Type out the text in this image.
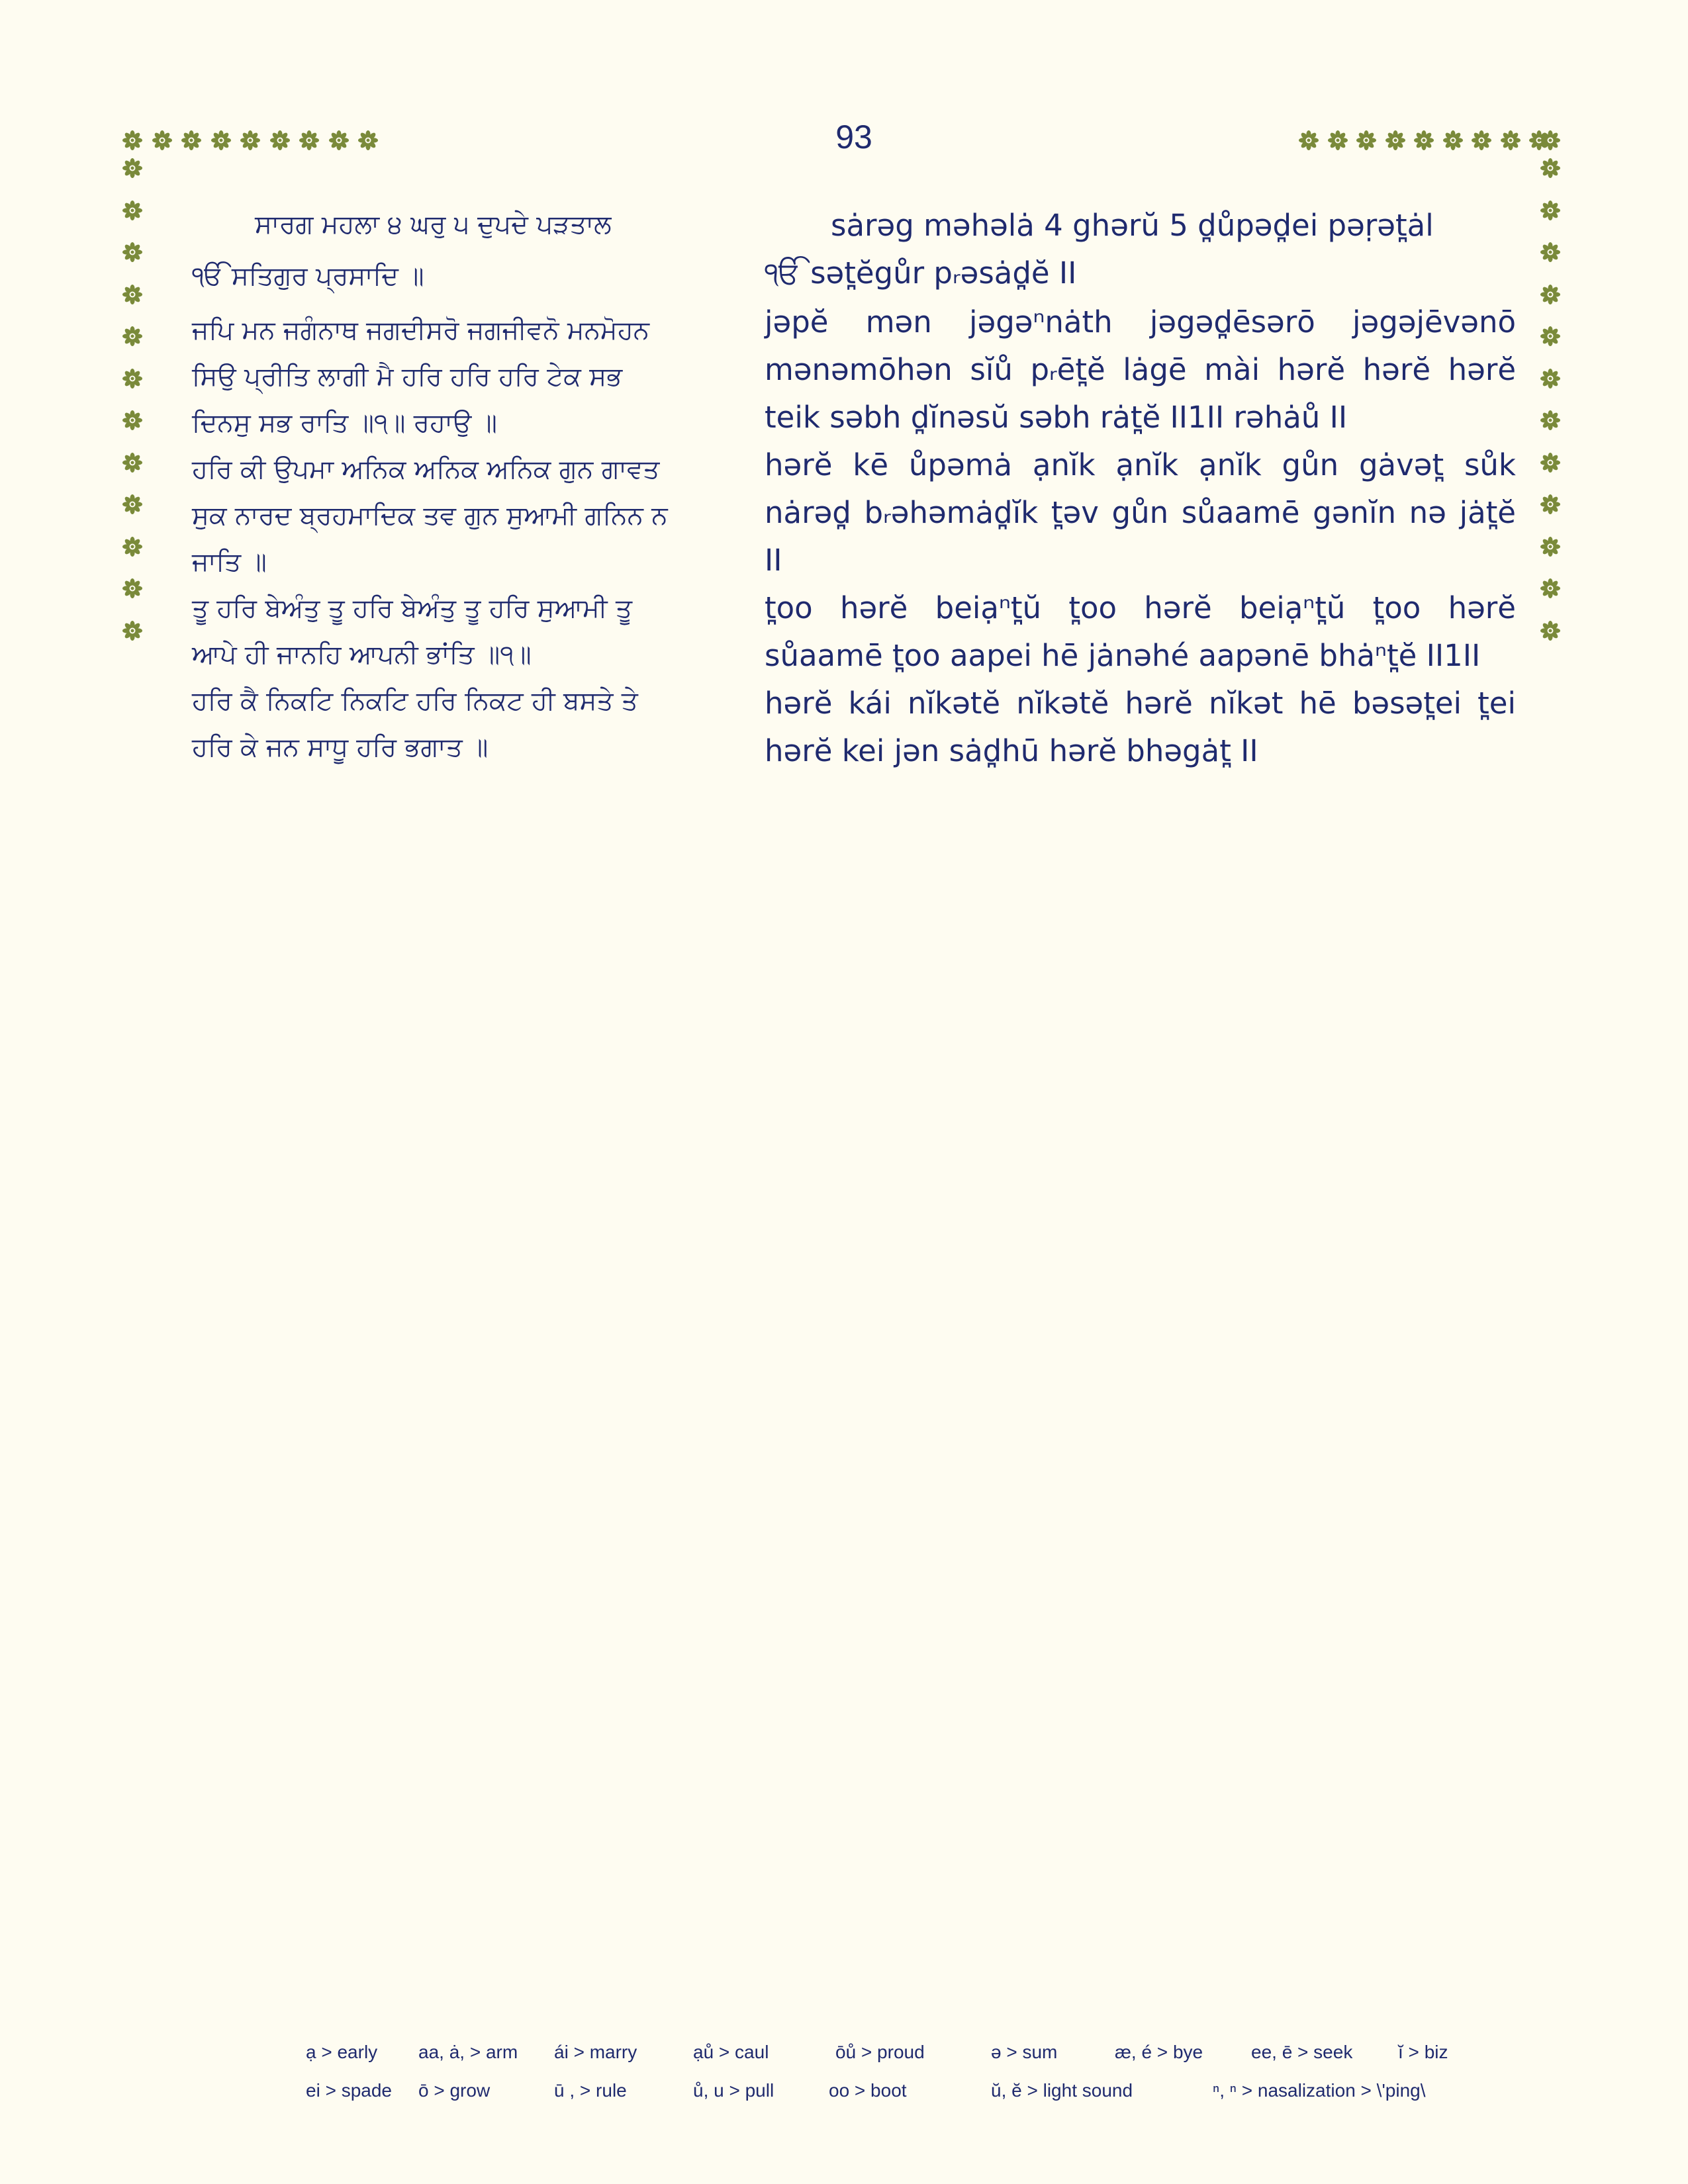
93
ਸਾਰਗ ਮਹਲਾ ੪ ਘਰੁ ੫ ਦੁਪਦੇ ਪੜਤਾਲ
ੴ ਸਤਿਗੁਰ ਪ੍ਰਸਾਦਿ ॥
ਜਪਿ ਮਨ ਜਗੰਨਾਥ ਜਗਦੀਸਰੋ ਜਗਜੀਵਨੋ ਮਨਮੋਹਨ
ਸਿਉ ਪ੍ਰੀਤਿ ਲਾਗੀ ਮੈ ਹਰਿ ਹਰਿ ਹਰਿ ਟੇਕ ਸਭ
ਦਿਨਸੁ ਸਭ ਰਾਤਿ ॥੧॥ ਰਹਾਉ ॥
ਹਰਿ ਕੀ ਉਪਮਾ ਅਨਿਕ ਅਨਿਕ ਅਨਿਕ ਗੁਨ ਗਾਵਤ
ਸੁਕ ਨਾਰਦ ਬ੍ਰਹਮਾਦਿਕ ਤਵ ਗੁਨ ਸੁਆਮੀ ਗਨਿਨ ਨ
ਜਾਤਿ ॥
ਤੂ ਹਰਿ ਬੇਅੰਤੁ ਤੂ ਹਰਿ ਬੇਅੰਤੁ ਤੂ ਹਰਿ ਸੁਆਮੀ ਤੂ
ਆਪੇ ਹੀ ਜਾਨਹਿ ਆਪਨੀ ਭਾਂਤਿ ॥੧॥
ਹਰਿ ਕੈ ਨਿਕਟਿ ਨਿਕਟਿ ਹਰਿ ਨਿਕਟ ਹੀ ਬਸਤੇ ਤੇ
ਹਰਿ ਕੇ ਜਨ ਸਾਧੂ ਹਰਿ ਭਗਾਤ ॥
sȧrəg məhəlȧ 4 ghərŭ 5 d̪ůpəd̪ei pəṛət̪ȧl
ੴ sət̪ĕgůr pᵣəsȧd̪ĕ II
jəpĕ mən jəgəⁿnȧth jəgəd̪ēsərō jəgəjēvənō mənəmōhən sĭů pᵣēt̪ĕ lȧgē mài hərĕ hərĕ hərĕ teik səbh d̪ĭnəsŭ səbh rȧt̪ĕ II1II rəhȧů II
hərĕ kē ůpəmȧ ạnĭk ạnĭk ạnĭk gůn gȧvət̪ sůk nȧrəd̪ bᵣəhəmȧd̪ĭk t̪əv gůn sůaamē gənĭn nə jȧt̪ĕ II
t̪oo hərĕ beiạⁿt̪ŭ t̪oo hərĕ beiạⁿt̪ŭ t̪oo hərĕ sůaamē t̪oo aapei hē jȧnəhé aapənē bhȧⁿt̪ĕ II1II
hərĕ kái nĭkətĕ nĭkətĕ hərĕ nĭkət hē bəsət̪ei t̪ei hərĕ kei jən sȧd̪hū hərĕ bhəgȧt̪ II
ạ > early aa, ȧ, > arm ái > marry	ạů > caul	ōů > proud	ə > sum	æ, é > bye	ee, ē > seek ĭ > biz
ei > spade ō > grow	ū , > rule	ů, u > pull	oo > boot	ŭ, ĕ > light sound	ⁿ, ⁿ > nasalization > \'ping\
